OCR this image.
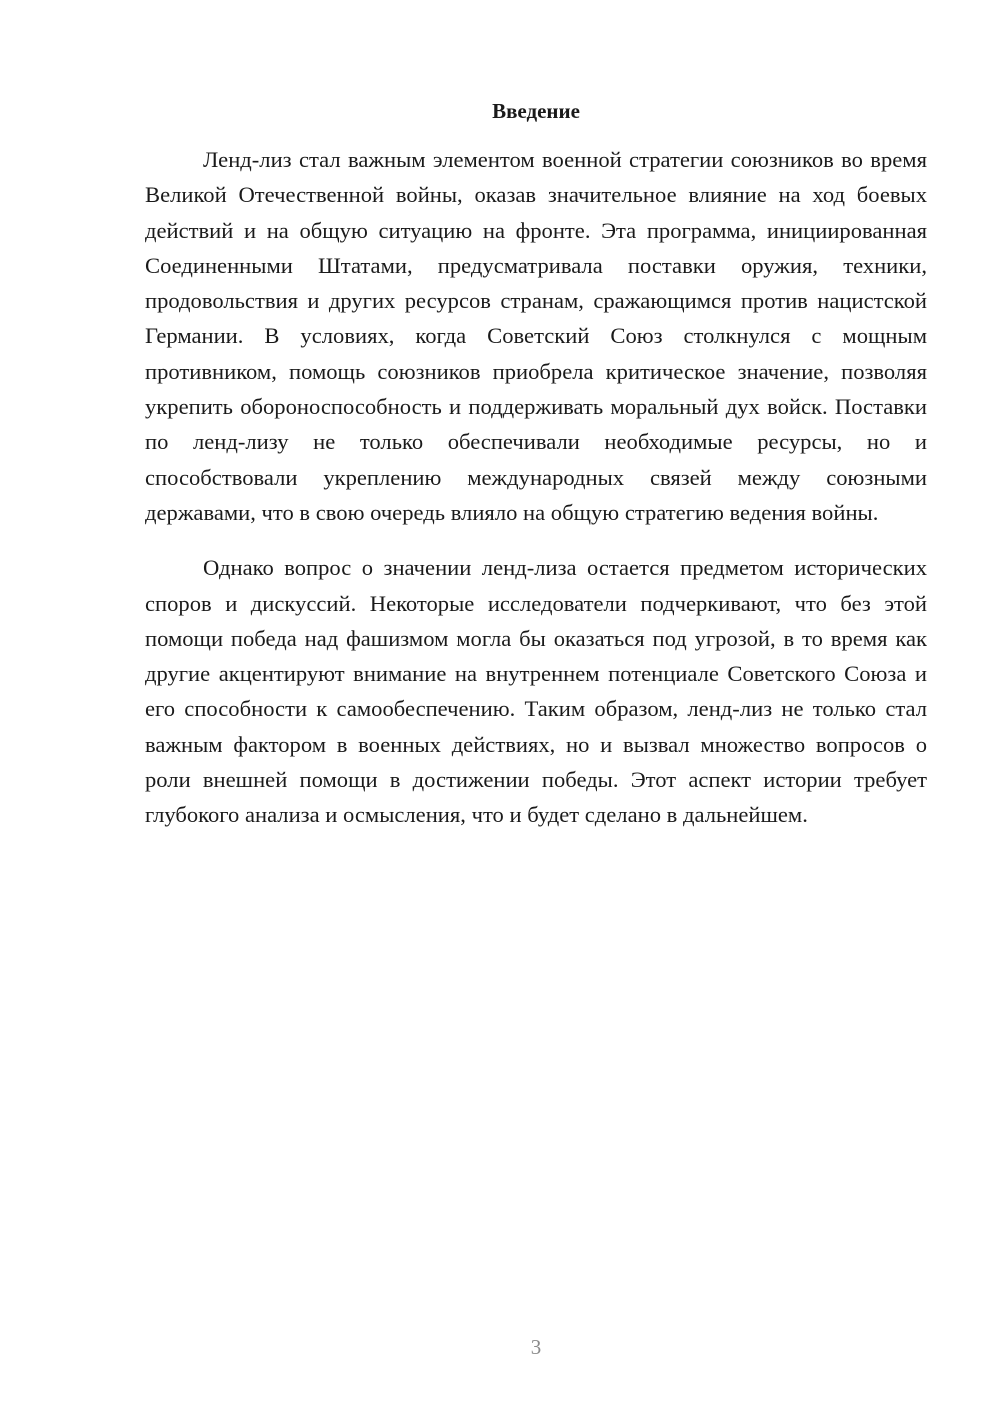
Введение

Ленд-лиз стал важным элементом военной стратегии союзников во время Великой Отечественной войны, оказав значительное влияние на ход боевых действий и на общую ситуацию на фронте. Эта программа, инициированная Соединенными Штатами, предусматривала поставки оружия, техники, продовольствия и других ресурсов странам, сражающимся против нацистской Германии. В условиях, когда Советский Союз столкнулся с мощным противником, помощь союзников приобрела критическое значение, позволяя укрепить обороноспособность и поддерживать моральный дух войск. Поставки по ленд-лизу не только обеспечивали необходимые ресурсы, но и способствовали укреплению международных связей между союзными державами, что в свою очередь влияло на общую стратегию ведения войны.

Однако вопрос о значении ленд-лиза остается предметом исторических споров и дискуссий. Некоторые исследователи подчеркивают, что без этой помощи победа над фашизмом могла бы оказаться под угрозой, в то время как другие акцентируют внимание на внутреннем потенциале Советского Союза и его способности к самообеспечению. Таким образом, ленд-лиз не только стал важным фактором в военных действиях, но и вызвал множество вопросов о роли внешней помощи в достижении победы. Этот аспект истории требует глубокого анализа и осмысления, что и будет сделано в дальнейшем.

3
